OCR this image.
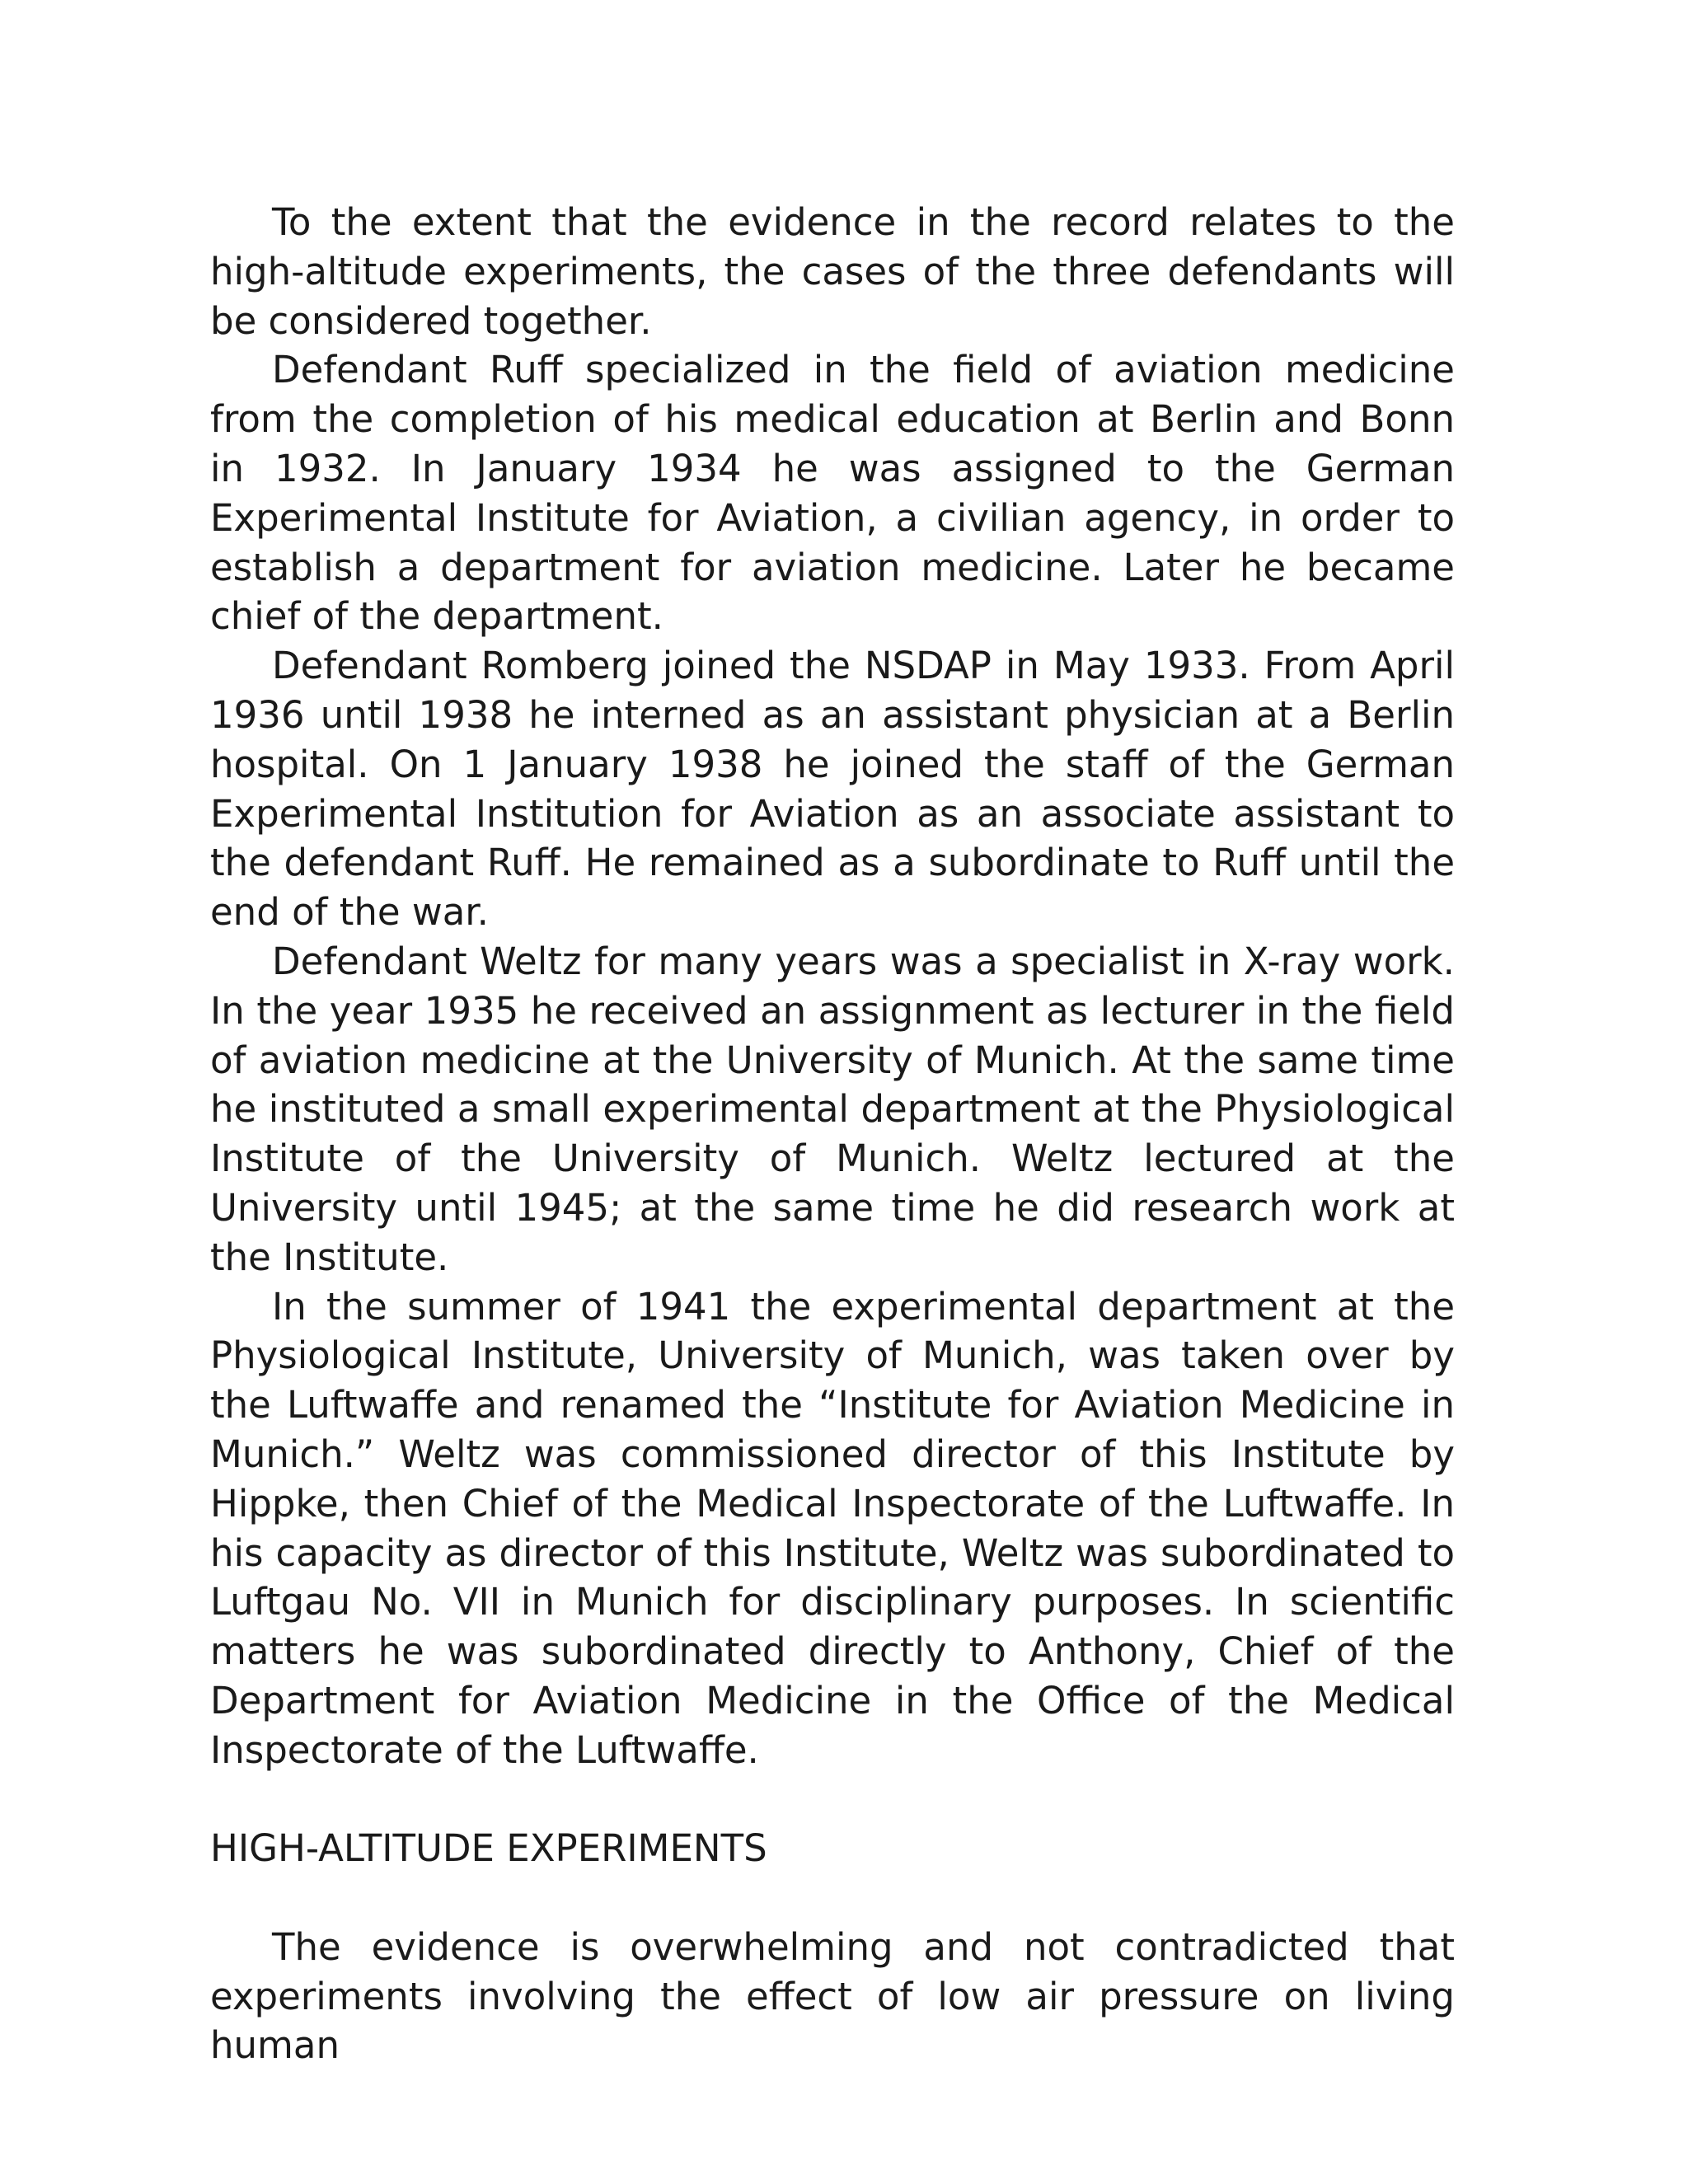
To the extent that the evidence in the record relates to the high-altitude experiments, the cases of the three defendants will be considered together.

Defendant Ruff specialized in the field of aviation medicine from the completion of his medical education at Berlin and Bonn in 1932. In January 1934 he was assigned to the German Experimental Institute for Aviation, a civilian agency, in order to establish a department for aviation medicine. Later he became chief of the department.

Defendant Romberg joined the NSDAP in May 1933. From April 1936 until 1938 he interned as an assistant physician at a Berlin hospital. On 1 January 1938 he joined the staff of the German Experimental Institution for Aviation as an associate assistant to the defendant Ruff. He remained as a subordinate to Ruff until the end of the war.

Defendant Weltz for many years was a specialist in X-ray work. In the year 1935 he received an assignment as lecturer in the field of aviation medicine at the University of Munich. At the same time he instituted a small experimental department at the Physiological Institute of the University of Munich. Weltz lectured at the University until 1945; at the same time he did research work at the Institute.

In the summer of 1941 the experimental department at the Physiological Institute, University of Munich, was taken over by the Luftwaffe and renamed the “Institute for Aviation Medicine in Munich.” Weltz was commissioned director of this Institute by Hippke, then Chief of the Medical Inspectorate of the Luftwaffe. In his capacity as director of this Institute, Weltz was subordinated to Luftgau No. VII in Munich for disciplinary purposes. In scientific matters he was subordinated directly to Anthony, Chief of the Department for Aviation Medicine in the Office of the Medical Inspectorate of the Luftwaffe.

HIGH-ALTITUDE EXPERIMENTS

The evidence is overwhelming and not contradicted that experiments involving the effect of low air pressure on living human
